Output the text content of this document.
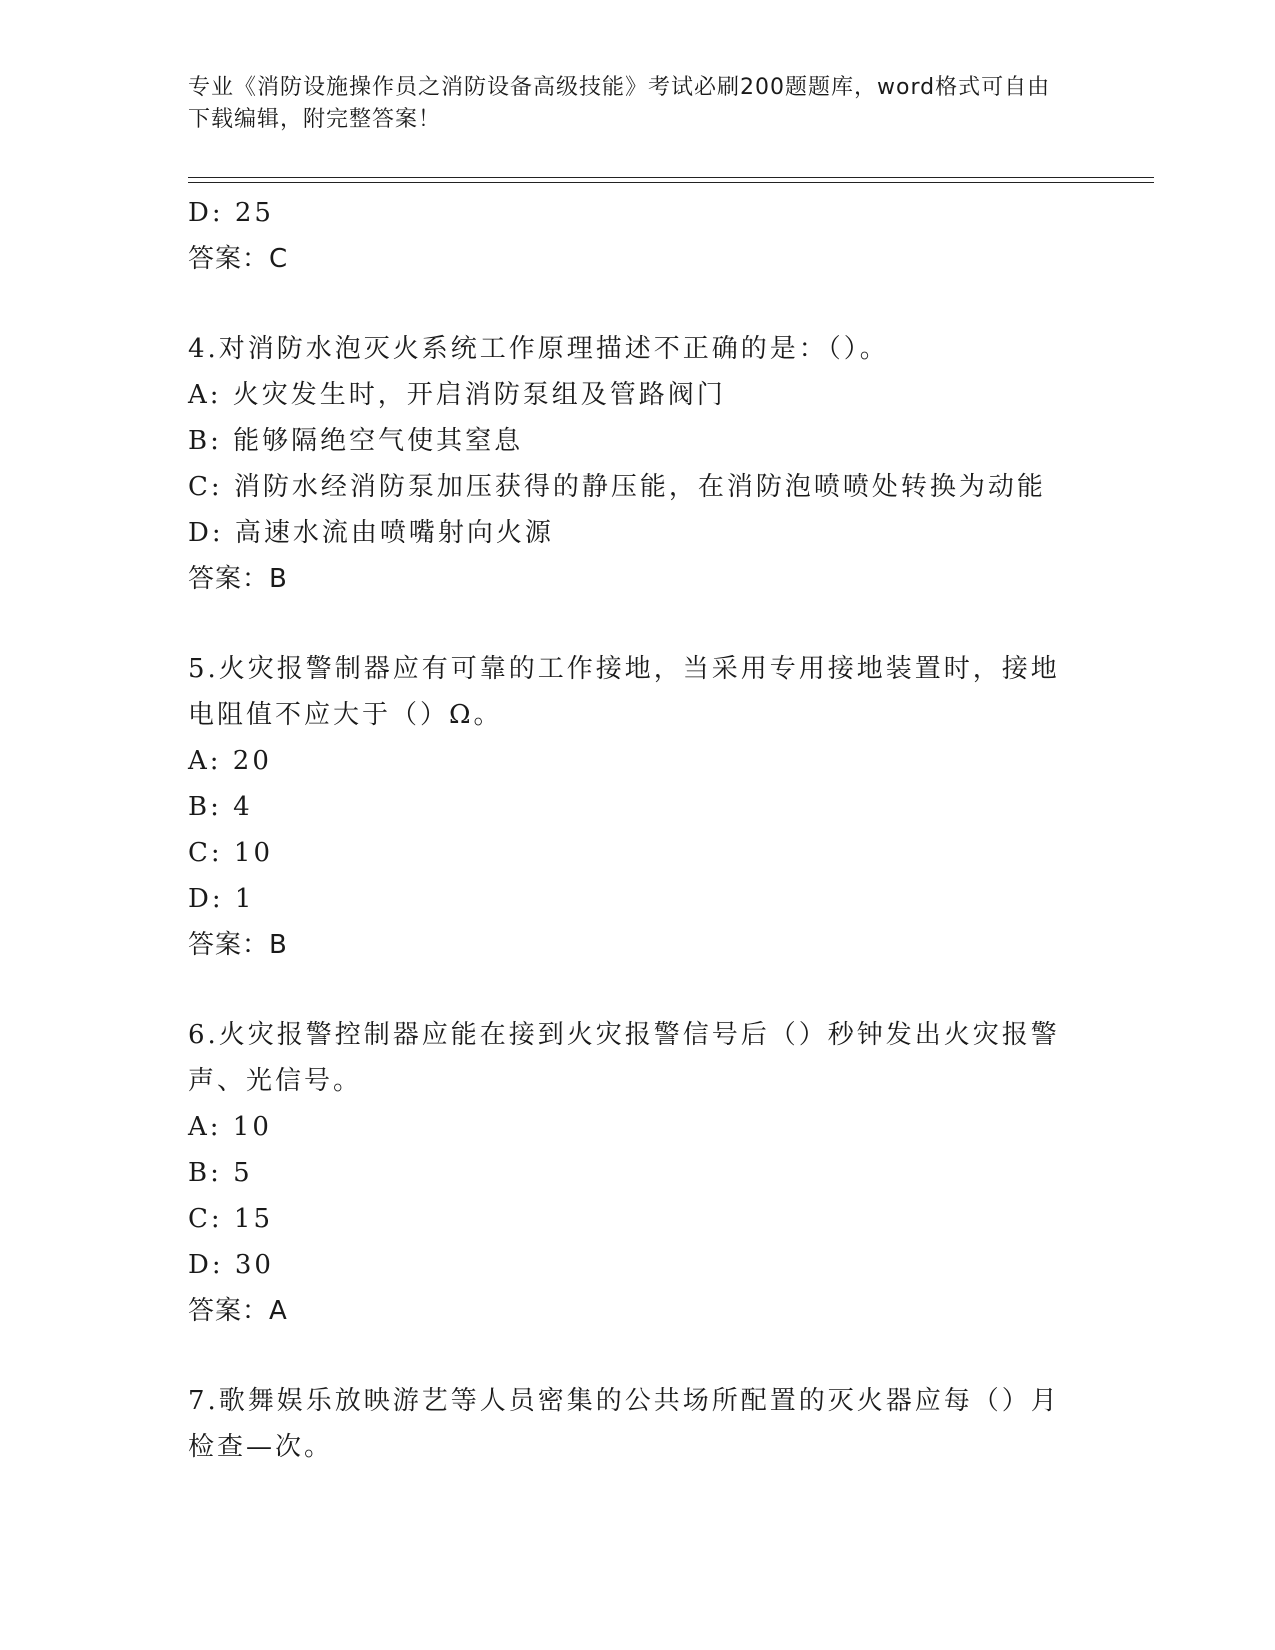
专业《消防设施操作员之消防设备高级技能》考试必刷200题题库，word格式可自由下载编辑，附完整答案！
D: 25
答案：C
4.对消防水泡灭火系统工作原理描述不正确的是：（）。
A: 火灾发生时，开启消防泵组及管路阀门
B: 能够隔绝空气使其窒息
C: 消防水经消防泵加压获得的静压能，在消防泡喷喷处转换为动能
D: 高速水流由喷嘴射向火源
答案：B
5.火灾报警制器应有可靠的工作接地，当采用专用接地装置时，接地电阻值不应大于（）Ω。
A: 20
B: 4
C: 10
D: 1
答案：B
6.火灾报警控制器应能在接到火灾报警信号后（）秒钟发出火灾报警声、光信号。
A: 10
B: 5
C: 15
D: 30
答案：A
7.歌舞娱乐放映游艺等人员密集的公共场所配置的灭火器应每（）月检查—次。
